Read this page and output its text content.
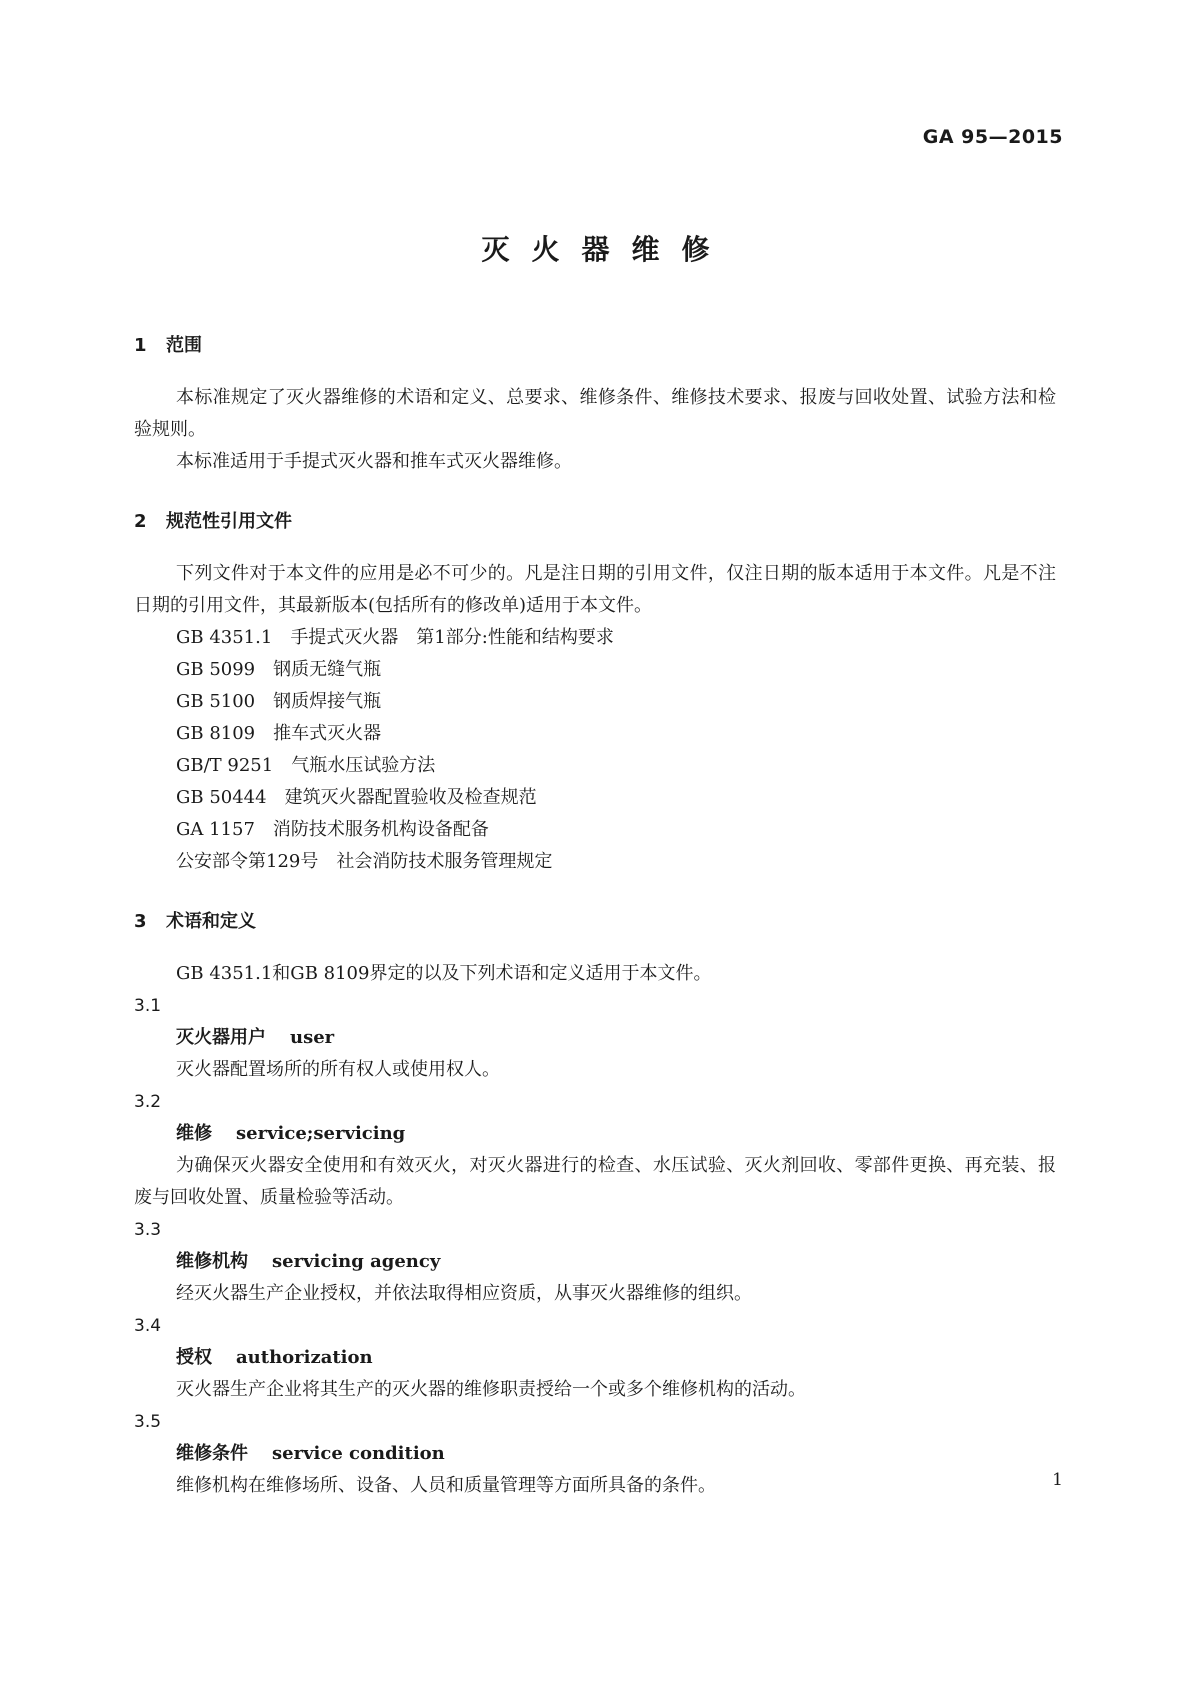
GA 95—2015
灭火器维修
1 范围

本标准规定了灭火器维修的术语和定义、总要求、维修条件、维修技术要求、报废与回收处置、试验方法和检验规则。

本标准适用于手提式灭火器和推车式灭火器维修。

2 规范性引用文件

下列文件对于本文件的应用是必不可少的。凡是注日期的引用文件，仅注日期的版本适用于本文件。凡是不注日期的引用文件，其最新版本(包括所有的修改单)适用于本文件。

GB 4351.1 手提式灭火器　第1部分:性能和结构要求
GB 5099 钢质无缝气瓶
GB 5100 钢质焊接气瓶
GB 8109 推车式灭火器
GB/T 9251 气瓶水压试验方法
GB 50444 建筑灭火器配置验收及检查规范
GA 1157 消防技术服务机构设备配备
公安部令第129号 社会消防技术服务管理规定
3 术语和定义

GB 4351.1和GB 8109界定的以及下列术语和定义适用于本文件。

3.1

灭火器用户 user

灭火器配置场所的所有权人或使用权人。

3.2

维修 service;servicing

为确保灭火器安全使用和有效灭火，对灭火器进行的检查、水压试验、灭火剂回收、零部件更换、再充装、报废与回收处置、质量检验等活动。

3.3

维修机构 servicing agency

经灭火器生产企业授权，并依法取得相应资质，从事灭火器维修的组织。

3.4

授权 authorization

灭火器生产企业将其生产的灭火器的维修职责授给一个或多个维修机构的活动。

3.5

维修条件 service condition

维修机构在维修场所、设备、人员和质量管理等方面所具备的条件。	1
